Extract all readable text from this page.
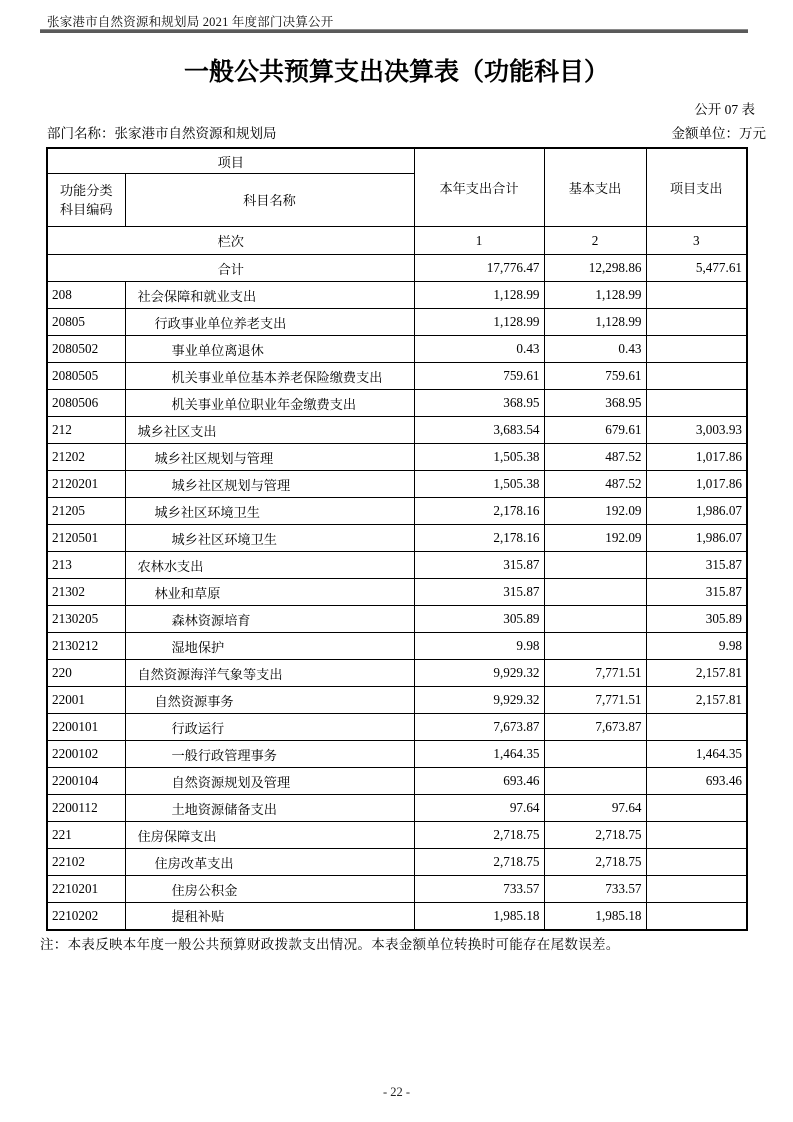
张家港市自然资源和规划局 2021 年度部门决算公开
一般公共预算支出决算表（功能科目）
公开 07 表
部门名称：张家港市自然资源和规划局	金额单位：万元
项目		本年支出合计	基本支出	项目支出
功能分类
科目编码	科目名称			
栏次		1	2	3
合计		17,776.47	12,298.86	5,477.61
208	社会保障和就业支出	1,128.99	1,128.99	
20805	行政事业单位养老支出	1,128.99	1,128.99	
2080502	事业单位离退休	0.43	0.43	
2080505	机关事业单位基本养老保险缴费支出	759.61	759.61	
2080506	机关事业单位职业年金缴费支出	368.95	368.95	
212	城乡社区支出	3,683.54	679.61	3,003.93
21202	城乡社区规划与管理	1,505.38	487.52	1,017.86
2120201	城乡社区规划与管理	1,505.38	487.52	1,017.86
21205	城乡社区环境卫生	2,178.16	192.09	1,986.07
2120501	城乡社区环境卫生	2,178.16	192.09	1,986.07
213	农林水支出	315.87		315.87
21302	林业和草原	315.87		315.87
2130205	森林资源培育	305.89		305.89
2130212	湿地保护	9.98		9.98
220	自然资源海洋气象等支出	9,929.32	7,771.51	2,157.81
22001	自然资源事务	9,929.32	7,771.51	2,157.81
2200101	行政运行	7,673.87	7,673.87	
2200102	一般行政管理事务	1,464.35		1,464.35
2200104	自然资源规划及管理	693.46		693.46
2200112	土地资源储备支出	97.64	97.64	
221	住房保障支出	2,718.75	2,718.75	
22102	住房改革支出	2,718.75	2,718.75	
2210201	住房公积金	733.57	733.57	
2210202	提租补贴	1,985.18	1,985.18	
注：本表反映本年度一般公共预算财政拨款支出情况。本表金额单位转换时可能存在尾数误差。
- 22 -
